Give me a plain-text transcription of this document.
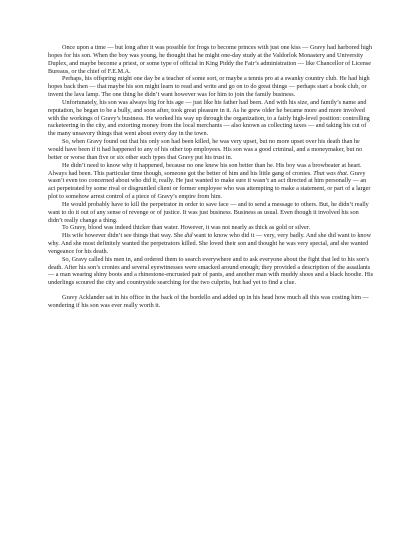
Once upon a time — but long after it was possible for frogs to become princes with just one kiss — Gravy had harbored high hopes for his son. When the boy was young, he thought that he might one-day study at the Valdorlok Monastery and University Duplex, and maybe become a priest, or some type of official in King Piddy the Fair’s administration — like Chancellor of License Bureaus, or the chief of F.E.M.A.

Perhaps, his offspring might one day be a teacher of some sort, or maybe a tennis pro at a swanky country club. He had high hopes back then — that maybe his son might learn to read and write and go on to do great things — perhaps start a book club, or invent the lava lamp. The one thing he didn’t want however was for him to join the family business.

Unfortunately, his son was always big for his age — just like his father had been. And with his size, and family’s name and reputation, he began to be a bully, and soon after, took great pleasure in it. As he grew older he became more and more involved with the workings of Gravy’s business. He worked his way up through the organization, to a fairly high-level position: controlling racketeering in the city, and extorting money from the local merchants — also known as collecting taxes — and taking his cut of the many unsavory things that went about every day in the town.

So, when Gravy found out that his only son had been killed, he was very upset, but no more upset over his death than he would have been if it had happened to any of his other top employees. His son was a good criminal, and a moneymaker, but no better or worse than five or six other such types that Gravy put his trust in.

He didn’t need to know why it happened, because no one knew his son better than he. His boy was a browbeater at heart. Always had been. This particular time though, someone got the better of him and his little gang of cronies. That was that. Gravy wasn’t even too concerned about who did it, really. He just wanted to make sure it wasn’t an act directed at him personally — an act perpetrated by some rival or disgruntled client or former employee who was attempting to make a statement, or part of a larger plot to somehow arrest control of a piece of Gravy’s empire from him.

He would probably have to kill the perpetrator in order to save face — and to send a message to others. But, he didn’t really want to do it out of any sense of revenge or of justice. It was just business. Business as usual. Even though it involved his son didn’t really change a thing.

To Gravy, blood was indeed thicker than water. However, it was not nearly as thick as gold or silver.

His wife however didn’t see things that way. She did want to know who did it — very, very badly. And she did want to know why. And she most definitely wanted the perpetrators killed. She loved their son and thought he was very special, and she wanted vengeance for his death.

So, Gravy called his men in, and ordered them to search everywhere and to ask everyone about the fight that led to his son’s death. After his son’s cronies and several eyewitnesses were smacked around enough; they provided a description of the assailants — a man wearing shiny boots and a rhinestone-encrusted pair of pants, and another man with muddy shoes and a black hoodie. His underlings scoured the city and countryside searching for the two culprits, but had yet to find a clue.

Gravy Acklander sat in his office in the back of the bordello and added up in his head how much all this was costing him — wondering if his son was ever really worth it.
